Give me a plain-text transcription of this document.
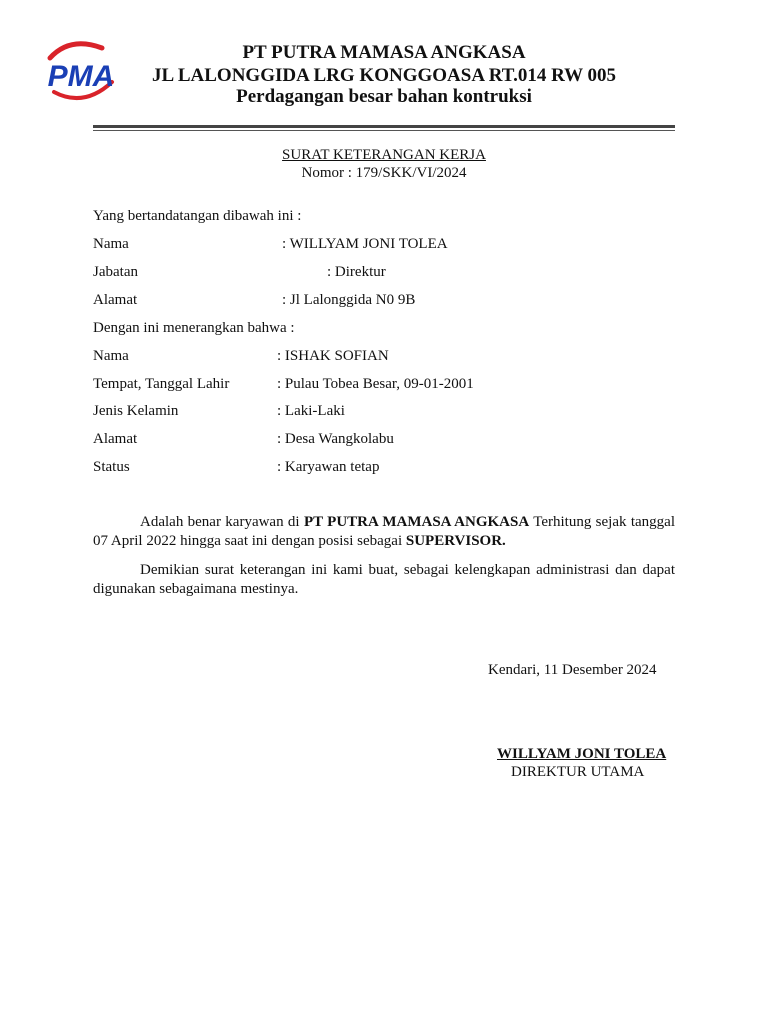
PMA
PT PUTRA MAMASA ANGKASA
JL LALONGGIDA LRG KONGGOASA RT.014 RW 005
Perdagangan besar bahan kontruksi
SURAT KETERANGAN KERJA
Nomor : 179/SKK/VI/2024
Yang bertandatangan dibawah ini :
Nama	: WILLYAM JONI TOLEA
Jabatan	: Direktur
Alamat	: Jl Lalonggida N0 9B
Dengan ini menerangkan bahwa :
Nama	: ISHAK SOFIAN
Tempat, Tanggal Lahir	: Pulau Tobea Besar, 09-01-2001
Jenis Kelamin	: Laki-Laki
Alamat	: Desa Wangkolabu
Status	: Karyawan tetap
Adalah benar karyawan di PT PUTRA MAMASA ANGKASA Terhitung sejak tanggal 07 April 2022 hingga saat ini dengan posisi sebagai SUPERVISOR.
Demikian surat keterangan ini kami buat, sebagai kelengkapan administrasi dan dapat digunakan sebagaimana mestinya.
Kendari, 11 Desember 2024
WILLYAM JONI TOLEA
DIREKTUR UTAMA
